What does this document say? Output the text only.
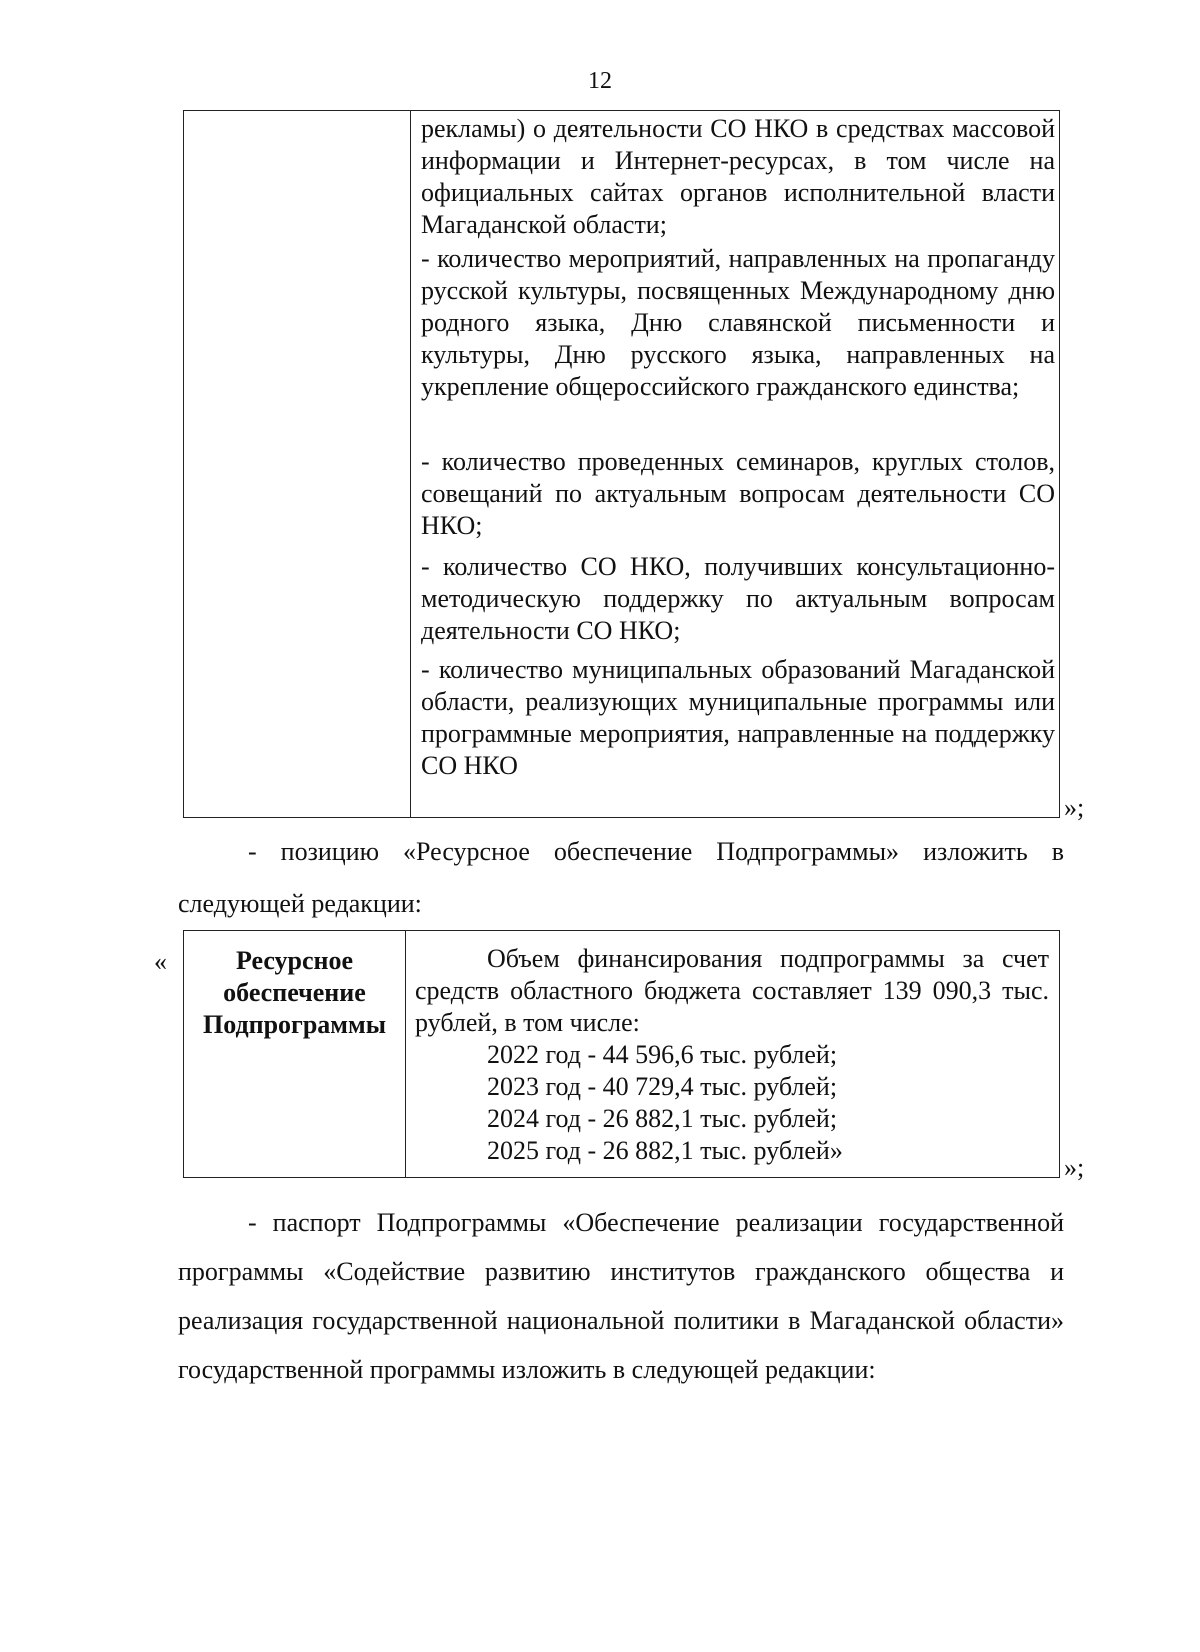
12
рекламы) о деятельности СО НКО в средствах массовой информации и Интернет-ресурсах, в том числе на официальных сайтах органов исполнительной власти Магаданской области;
- количество мероприятий, направленных на пропаганду русской культуры, посвященных Международному дню родного языка, Дню славянской письменности и культуры, Дню русского языка, направленных на укрепление общероссийского гражданского единства;
- количество проведенных семинаров, круглых столов, совещаний по актуальным вопросам деятельности СО НКО;
- количество СО НКО, получивших консультационно-методическую поддержку по актуальным вопросам деятельности СО НКО;
- количество муниципальных образований Магаданской области, реализующих муниципальные программы или программные мероприятия, направленные на поддержку СО НКО
»;
- позицию «Ресурсное обеспечение Подпрограммы» изложить в следующей редакции:
«	Ресурсное
обеспечение
Подпрограммы
Объем финансирования подпрограммы за счет средств областного бюджета составляет 139 090,3 тыс. рублей, в том числе:
2022 год - 44 596,6 тыс. рублей;
2023 год - 40 729,4 тыс. рублей;
2024 год - 26 882,1 тыс. рублей;
2025 год - 26 882,1 тыс. рублей»
»;
- паспорт Подпрограммы «Обеспечение реализации государственной программы «Содействие развитию институтов гражданского общества и реализация государственной национальной политики в Магаданской области» государственной программы изложить в следующей редакции:
